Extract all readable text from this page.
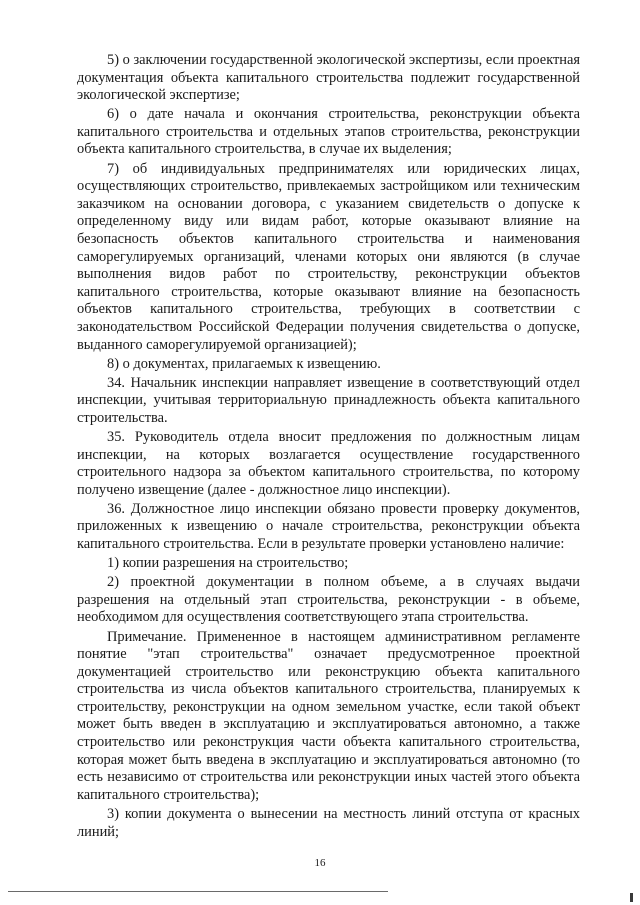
5) о заключении государственной экологической экспертизы, если проектная документация объекта капитального строительства подлежит государственной экологической экспертизе;

6) о дате начала и окончания строительства, реконструкции объекта капитального строительства и отдельных этапов строительства, реконструкции объекта капитального строительства, в случае их выделения;

7) об индивидуальных предпринимателях или юридических лицах, осуществляющих строительство, привлекаемых застройщиком или техническим заказчиком на основании договора, с указанием свидетельств о допуске к определенному виду или видам работ, которые оказывают влияние на безопасность объектов капитального строительства и наименования саморегулируемых организаций, членами которых они являются (в случае выполнения видов работ по строительству, реконструкции объектов капитального строительства, которые оказывают влияние на безопасность объектов капитального строительства, требующих в соответствии с законодательством Российской Федерации получения свидетельства о допуске, выданного саморегулируемой организацией);

8) о документах, прилагаемых к извещению.

34. Начальник инспекции направляет извещение в соответствующий отдел инспекции, учитывая территориальную принадлежность объекта капитального строительства.

35. Руководитель отдела вносит предложения по должностным лицам инспекции, на которых возлагается осуществление государственного строительного надзора за объектом капитального строительства, по которому получено извещение (далее - должностное лицо инспекции).

36. Должностное лицо инспекции обязано провести проверку документов, приложенных к извещению о начале строительства, реконструкции объекта капитального строительства. Если в результате проверки установлено наличие:

1) копии разрешения на строительство;

2) проектной документации в полном объеме, а в случаях выдачи разрешения на отдельный этап строительства, реконструкции - в объеме, необходимом для осуществления соответствующего этапа строительства.

Примечание. Примененное в настоящем административном регламенте понятие "этап строительства" означает предусмотренное проектной документацией строительство или реконструкцию объекта капитального строительства из числа объектов капитального строительства, планируемых к строительству, реконструкции на одном земельном участке, если такой объект может быть введен в эксплуатацию и эксплуатироваться автономно, а также строительство или реконструкция части объекта капитального строительства, которая может быть введена в эксплуатацию и эксплуатироваться автономно (то есть независимо от строительства или реконструкции иных частей этого объекта капитального строительства);

3) копии документа о вынесении на местность линий отступа от красных линий;

16
